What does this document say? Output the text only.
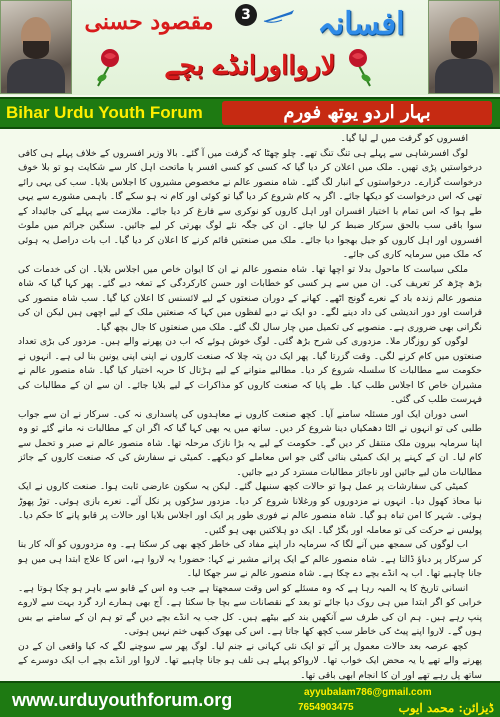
افسانہ
3
مقصود حسنی
لاروااورانڈے بچے
Bihar Urdu Youth Forum	بہار اردو یوتھ فورم

افسروں کو گرفت میں لے لیا گیا۔

لوگ افسرشاہی سے پہلے ہی تنگ تنگ تھے۔ چلو چھٹا کہ گرفت میں آ گئے۔ بالا وزیر افسروں کے خلاف پہلے ہی کافی درخواستیں پڑی تھیں۔ ملک میں اعلان کر دیا گیا کہ کسی کو کسی افسر یا ماتحت اہل کار سے شکایت ہو تو بلا خوف درخواست گزارے۔ درخواستوں کے انبار لگ گئے۔ شاہ منصور عالم نے مخصوص مشیروں کا اجلاس بلایا۔ سب کی یہی رائے تھی کہ اس درخواست کو دیکھا جائے۔ اگر یہ کام شروع کر دیا گیا تو کوئی اور کام نہ ہو سکے گا۔ باہمی مشورے سے یہی طے ہوا کہ اس تمام با اختیار افسران اور اہل کاروں کو نوکری سے فارغ کر دیا جائے۔ ملازمت سے پہلے کی جائیداد کے سوا باقی سب بالحق سرکار ضبط کر لیا جائے۔ ان کی جگہ نئے لوگ بھرتی کر لیے جائیں۔ سنگین جرائم میں ملوث افسروں اور اہل کاروں کو جیل بھجوا دیا جائے۔ ملک میں صنعتیں قائم کرنے کا اعلان کر دیا گیا۔ اب بات دراصل یہ ہوئی کہ ملک میں سرمایہ کاری کی جائے۔

ملکی سیاست کا ماحول بدلا تو اچھا تھا۔ شاہ منصور عالم نے ان کا ایوان خاص میں اجلاس بلایا۔ ان کی خدمات کی بڑھ چڑھ کر تعریف کی۔ ان میں سے ہر کسی کو خطابات اور حسن کارکردگی کے تمغہ دیے گئے۔ پھر کہا گیا کہ شاہ منصور عالم زندہ باد کے نعرے گونج اٹھے۔ کھانے کے دوران صنعتوں کے لیے لائسنس کا اعلان کیا گیا۔ سب شاہ منصور کی فراست اور دور اندیشی کی داد دینے لگے۔ دو ایک نے دبے لفظوں میں کہا کہ صنعتیں ملک کے لیے اچھی ہیں لیکن ان کی نگرانی بھی ضروری ہے۔ منصوبے کی تکمیل میں چار سال لگ گئے۔ ملک میں صنعتوں کا جال بچھ گیا۔

لوگوں کو روزگار ملا۔ مزدوری کی شرح بڑھ گئی۔ لوگ خوش ہوئے کہ اب دن پھرنے والے ہیں۔ مزدور کی بڑی تعداد صنعتوں میں کام کرنے لگی۔ وقت گزرتا گیا۔ پھر ایک دن پتہ چلا کہ صنعت کاروں نے اپنی اپنی یونین بنا لی ہے۔ انہوں نے حکومت سے مطالبات کا سلسلہ شروع کر دیا۔ مطالبے منوانے کے لیے ہڑتال کا حربہ اختیار کیا گیا۔ شاہ منصور عالم نے مشیران خاص کا اجلاس طلب کیا۔ طے پایا کہ صنعت کاروں کو مذاکرات کے لیے بلایا جائے۔ ان سے ان کے مطالبات کی فہرست طلب کی گئی۔

اسی دوران ایک اور مسئلہ سامنے آیا۔ کچھ صنعت کاروں نے معاہدوں کی پاسداری نہ کی۔ سرکار نے ان سے جواب طلبی کی تو انہوں نے الٹا دھمکیاں دینا شروع کر دیں۔ ساتھ میں یہ بھی کہا گیا کہ اگر ان کے مطالبات نہ مانے گئے تو وہ اپنا سرمایہ بیرون ملک منتقل کر دیں گے۔ حکومت کے لیے یہ بڑا نازک مرحلہ تھا۔ شاہ منصور عالم نے صبر و تحمل سے کام لیا۔ ان کے کہنے پر ایک کمیٹی بنائی گئی جو اس معاملے کو دیکھے۔ کمیٹی نے سفارش کی کہ صنعت کاروں کے جائز مطالبات مان لیے جائیں اور ناجائز مطالبات مسترد کر دیے جائیں۔

کمیٹی کی سفارشات پر عمل ہوا تو حالات کچھ سنبھل گئے۔ لیکن یہ سکون عارضی ثابت ہوا۔ صنعت کاروں نے ایک نیا محاذ کھول دیا۔ انہوں نے مزدوروں کو ورغلانا شروع کر دیا۔ مزدور سڑکوں پر نکل آئے۔ نعرے بازی ہوئی۔ توڑ پھوڑ ہوئی۔ شہر کا امن تباہ ہو گیا۔ شاہ منصور عالم نے فوری طور پر ایک اور اجلاس بلایا اور حالات پر قابو پانے کا حکم دیا۔ پولیس نے حرکت کی تو معاملہ اور بگڑ گیا۔ ایک دو ہلاکتیں بھی ہو گئیں۔

اب لوگوں کی سمجھ میں آنے لگا کہ سرمایہ دار اپنے مفاد کی خاطر کچھ بھی کر سکتا ہے۔ وہ مزدوروں کو آلہ کار بنا کر سرکار پر دباؤ ڈالتا ہے۔ شاہ منصور عالم کے ایک پرانے مشیر نے کہا: حضور! یہ لاروا ہے، اس کا علاج ابتدا ہی میں ہو جانا چاہیے تھا۔ اب یہ انڈے بچے دے چکا ہے۔ شاہ منصور عالم نے سر جھکا لیا۔

انسانی تاریخ کا یہ المیہ رہا ہے کہ وہ مسئلے کو اس وقت سمجھتا ہے جب وہ اس کے قابو سے باہر ہو چکا ہوتا ہے۔ خرابی کو اگر ابتدا میں ہی روک دیا جائے تو بعد کے نقصانات سے بچا جا سکتا ہے۔ آج بھی ہمارے ارد گرد بہت سے لاروے پنپ رہے ہیں۔ ہم ان کی طرف سے آنکھیں بند کیے بیٹھے ہیں۔ کل جب یہ انڈے بچے دیں گے تو ہم ان کے سامنے بے بس ہوں گے۔ لاروا اپنے پیٹ کی خاطر سب کچھ کھا جاتا ہے۔ اس کی بھوک کبھی ختم نہیں ہوتی۔

کچھ عرصہ بعد حالات معمول پر آئے تو ایک نئی کہانی نے جنم لیا۔ لوگ پھر سے سوچنے لگے کہ کیا واقعی ان کے دن پھرنے والے تھے یا یہ محض ایک خواب تھا۔ لارواکو پہلے ہی تلف ہو جانا چاہیے تھا۔ لاروا اور انڈے بچے اب ایک دوسرے کے ساتھ پل رہے تھے اور ان کا انجام ابھی باقی تھا۔

www.urduyouthforum.org	ayyubalam786@gmail.com
7654903475	ڈیزائن: محمد ایوب
